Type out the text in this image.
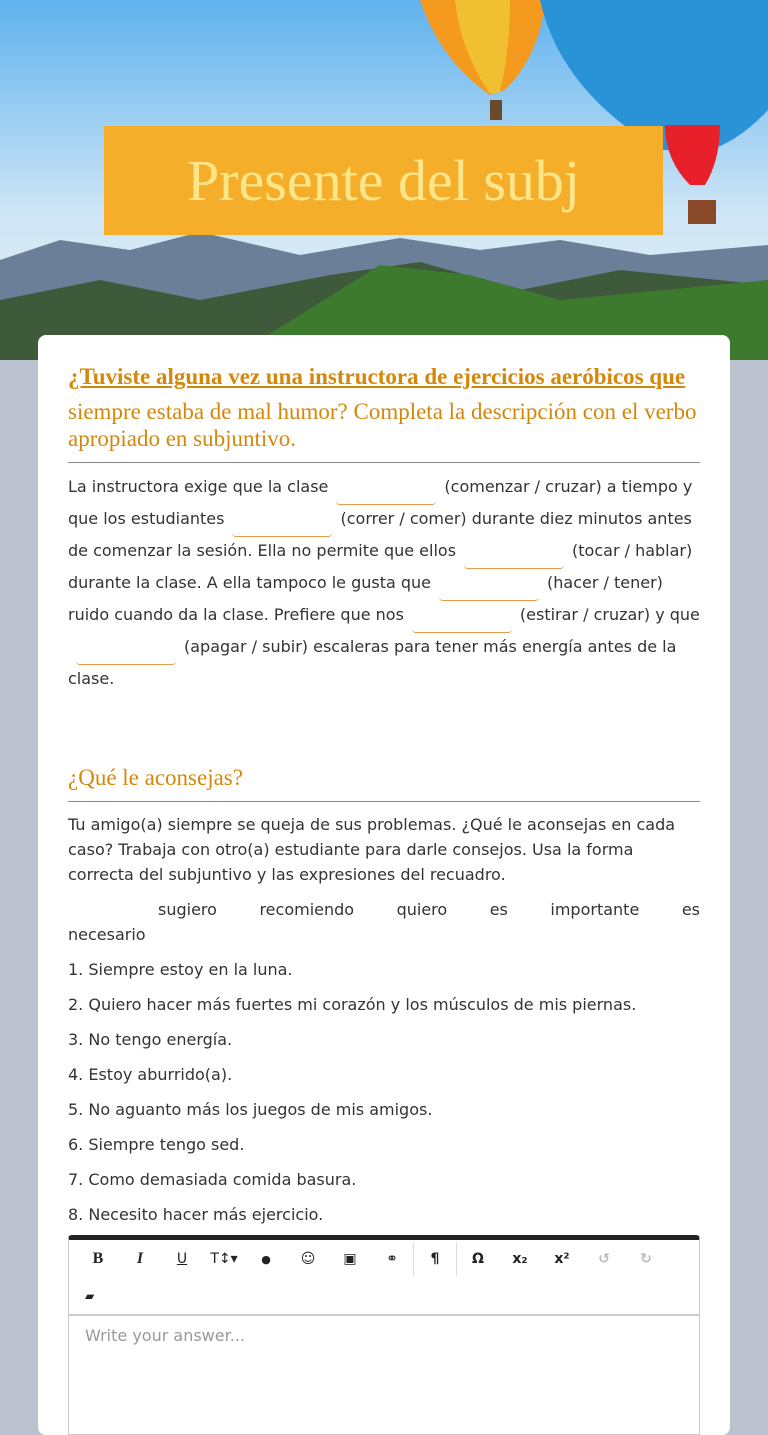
Presente del subj
¿Tuviste alguna vez una instructora de ejercicios aeróbicos que
siempre estaba de mal humor? Completa la descripción con el verbo apropiado en subjuntivo.
La instructora exige que la clase	(comenzar / cruzar) a tiempo y que los estudiantes	(correr / comer) durante diez minutos antes de comenzar la sesión. Ella no permite que ellos	(tocar / hablar) durante la clase. A ella tampoco le gusta que	(hacer / tener) ruido cuando da la clase. Prefiere que nos	(estirar / cruzar) y que(apagar / subir) escaleras para tener más energía antes de la clase.
¿Qué le aconsejas?
Tu amigo(a) siempre se queja de sus problemas. ¿Qué le aconsejas en cada caso? Trabaja con otro(a) estudiante para darle consejos. Usa la forma correcta del subjuntivo y las expresiones del recuadro.
sugiero recomiendo quiero es importante es necesario
1. Siempre estoy en la luna.
2. Quiero hacer más fuertes mi corazón y los músculos de mis piernas.
3. No tengo energía.
4. Estoy aburrido(a).
5. No aguanto más los juegos de mis amigos.
6. Siempre tengo sed.
7. Como demasiada comida basura.
8. Necesito hacer más ejercicio.
B	I	U	T↕▾	●	☺	▣	⚭	¶	Ω	x₂	x²	↺	↻
▰
Write your answer...
